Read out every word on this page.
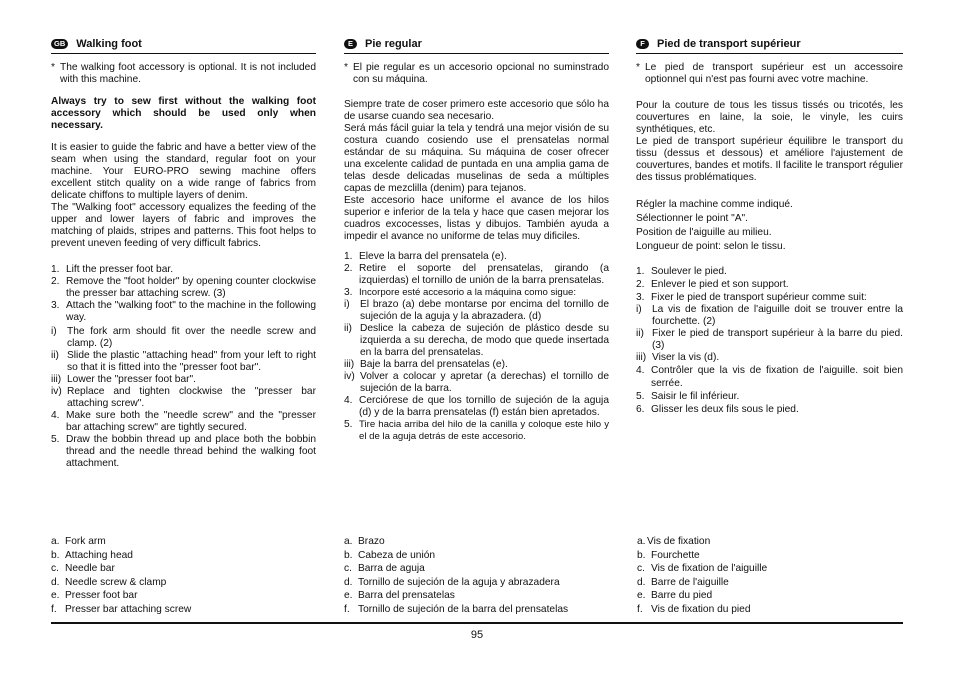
GB Walking foot
* The walking foot accessory is optional. It is not included with this machine.

Always try to sew first without the walking foot accessory which should be used only when necessary.

It is easier to guide the fabric and have a better view of the seam when using the standard, regular foot on your machine. Your EURO-PRO sewing machine offers excellent stitch quality on a wide range of fabrics from delicate chiffons to multiple layers of denim.

The "Walking foot" accessory equalizes the feeding of the upper and lower layers of fabric and improves the matching of plaids, stripes and patterns. This foot helps to prevent uneven feeding of very difficult fabrics.

1. Lift the presser foot bar.
2. Remove the "foot holder" by opening counter clockwise the presser bar attaching screw. (3)
3. Attach the "walking foot" to the machine in the following way.
i)	The fork arm should fit over the needle screw and clamp. (2)
ii) Slide the plastic "attaching head" from your left to right so that it is fitted into the "presser foot bar".
iii) Lower the "presser foot bar".
iv) Replace and tighten clockwise the "presser bar attaching screw".
4. Make sure both the "needle screw" and the "presser bar attaching screw" are tightly secured.
5. Draw the bobbin thread up and place both the bobbin thread and the needle thread behind the walking foot attachment.
a. Fork arm
b. Attaching head
c. Needle bar
d. Needle screw & clamp
e. Presser foot bar
f. Presser bar attaching screw
E	Pie regular
* El pie regular es un accesorio opcional no suminstrado con su máquina.

Siempre trate de coser primero este accesorio que sólo ha de usarse cuando sea necesario.

Será más fácil guiar la tela y tendrá una mejor visión de su costura cuando cosiendo use el prensatelas normal estándar de su máquina. Su máquina de coser ofrecer una excelente calidad de puntada en una amplia gama de telas desde delicadas muselinas de seda a múltiples capas de mezclilla (denim) para tejanos.

Este accesorio hace uniforme el avance de los hilos superior e inferior de la tela y hace que casen mejorar los cuadros excocesses, listas y dibujos. También ayuda a impedir el avance no uniforme de telas muy dificiles.

1. Eleve la barra del prensatela (e).
2. Retire el soporte del prensatelas, girando (a izquierdas) el tornillo de unión de la barra prensatelas.
3. Incorpore esté accesorio a la máquina como sigue:
i)	El brazo (a) debe montarse por encima del tornillo de sujeción de la aguja y la abrazadera. (d)
ii) Deslice la cabeza de sujeción de plástico desde su izquierda a su derecha, de modo que quede insertada en la barra del prensatelas.
iii) Baje la barra del prensatelas (e).
iv) Volver a colocar y apretar (a derechas) el tornillo de sujeción de la barra.
4. Cerciórese de que los tornillo de sujeción de la aguja (d) y de la barra prensatelas (f) están bien apretados.
5. Tire hacia arriba del hilo de la canilla y coloque este hilo y el de la aguja detrás de este accesorio.
a. Brazo
b. Cabeza de unión
c. Barra de aguja
d. Tornillo de sujeción de la aguja y abrazadera
e. Barra del prensatelas
f. Tornillo de sujeción de la barra del prensatelas
F	Pied de transport supérieur
* Le pied de transport supérieur est un accessoire optionnel qui n'est pas fourni avec votre machine.

Pour la couture de tous les tissus tissés ou tricotés, les couvertures en laine, la soie, le vinyle, les cuirs synthétiques, etc.

Le pied de transport supérieur équilibre le transport du tissu (dessus et dessous) et améliore l'ajustement de couvertures, bandes et motifs. Il facilite le transport régulier des tissus problématiques.

Régler la machine comme indiqué.
Sélectionner le point "A".
Position de l'aiguille au milieu.
Longueur de point: selon le tissu.
1. Soulever le pied.
2. Enlever le pied et son support.
3. Fixer le pied de transport supérieur comme suit:
i)	La vis de fixation de l'aiguille doit se trouver entre la fourchette. (2)
ii) Fixer le pied de transport supérieur à la barre du pied. (3)
iii) Viser la vis (d).
4. Contrôler que la vis de fixation de l'aiguille. soit bien serrée.
5. Saisir le fil inférieur.
6. Glisser les deux fils sous le pied.
a. Vis de fixation
b. Fourchette
c. Vis de fixation de l'aiguille
d. Barre de l'aiguille
e. Barre du pied
f. Vis de fixation du pied
95
